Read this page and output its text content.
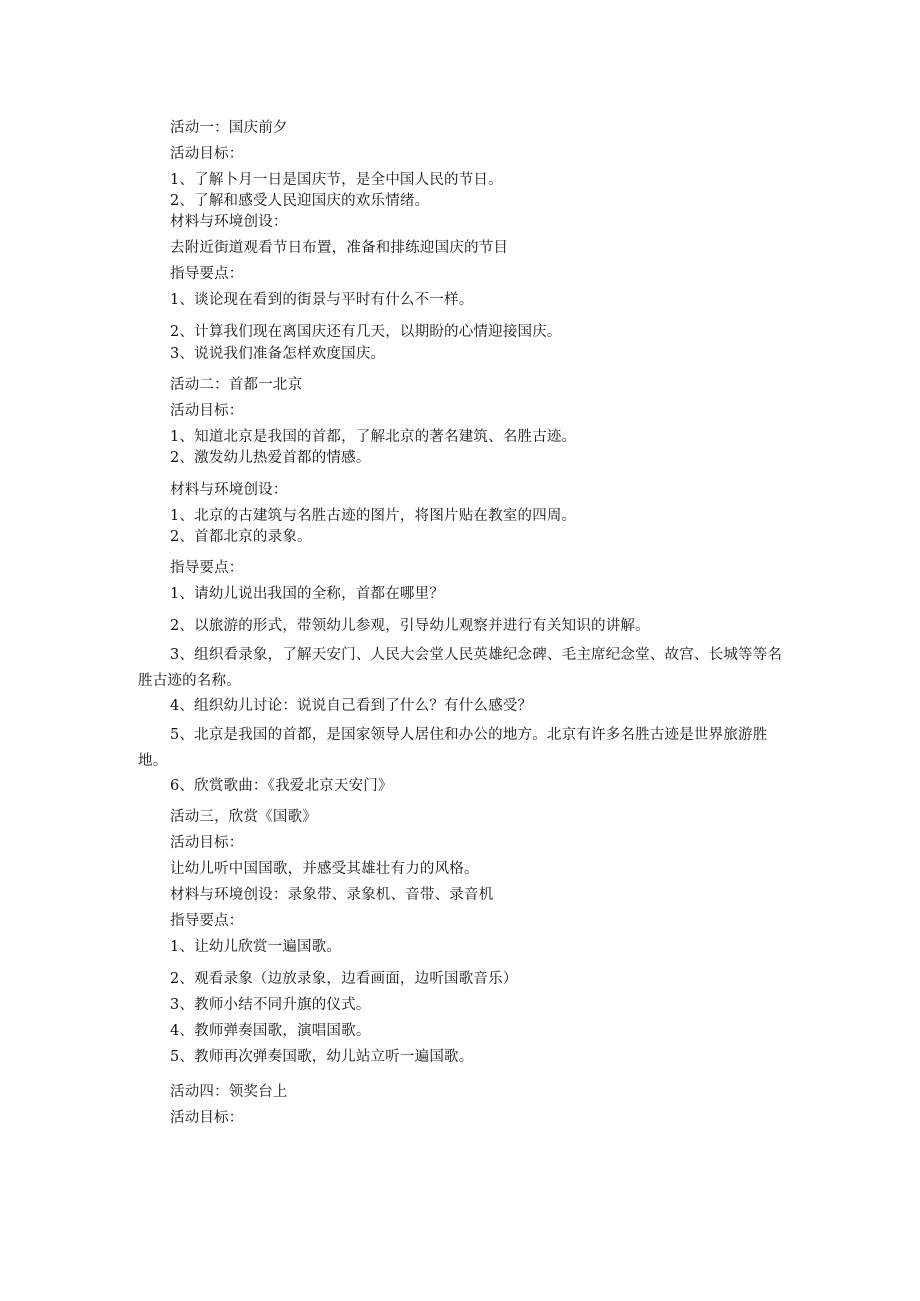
活动一：国庆前夕
活动目标：
1、了解卜月一日是国庆节，是全中国人民的节日。
2、了解和感受人民迎国庆的欢乐情绪。
材料与环境创设：
去附近街道观看节日布置，准备和排练迎国庆的节目
指导要点：
1、谈论现在看到的街景与平时有什么不一样。
2、计算我们现在离国庆还有几天，以期盼的心情迎接国庆。
3、说说我们准备怎样欢度国庆。
活动二：首都一北京
活动目标：
1、知道北京是我国的首都，了解北京的著名建筑、名胜古迹。
2、激发幼儿热爱首都的情感。
材料与环境创设：
1、北京的古建筑与名胜古迹的图片，将图片贴在教室的四周。
2、首都北京的录象。
指导要点：
1、请幼儿说出我国的全称，首都在哪里？
2、以旅游的形式，带领幼儿参观，引导幼儿观察并进行有关知识的讲解。
3、组织看录象，了解天安门、人民大会堂人民英雄纪念碑、毛主席纪念堂、故宫、长城等等名胜古迹的名称。
4、组织幼儿讨论：说说自己看到了什么？有什么感受？
5、北京是我国的首都，是国家领导人居住和办公的地方。北京有许多名胜古迹是世界旅游胜地。
6、欣赏歌曲：《我爱北京天安门》
活动三，欣赏《国歌》
活动目标：
让幼儿听中国国歌，并感受其雄壮有力的风格。
材料与环境创设：录象带、录象机、音带、录音机
指导要点：
1、让幼儿欣赏一遍国歌。
2、观看录象（边放录象，边看画面，边听国歌音乐）
3、教师小结不同升旗的仪式。
4、教师弹奏国歌，演唱国歌。
5、教师再次弹奏国歌，幼儿站立听一遍国歌。
活动四：领奖台上
活动目标：
